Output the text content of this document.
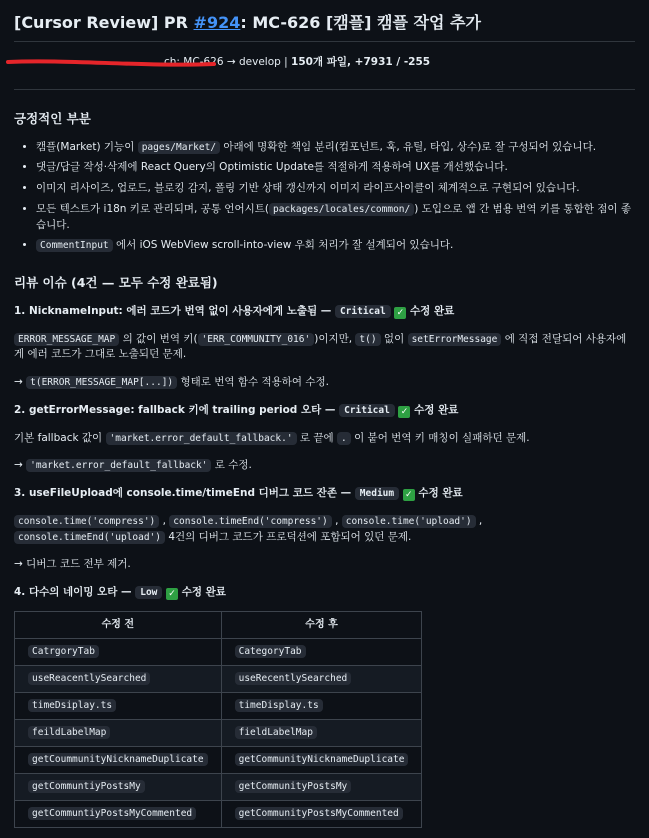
[Cursor Review] PR #924: MC-626 [캠플] 캠플 작업 추가
ch: MC-626 → develop | 150개 파일, +7931 / -255
긍정적인 부분
• 캠플(Market) 기능이 pages/Market/ 아래에 명확한 책임 분리(컴포넌트, 훅, 유틸, 타입, 상수)로 잘 구성되어 있습니다.
• 댓글/답글 작성·삭제에 React Query의 Optimistic Update를 적절하게 적용하여 UX를 개선했습니다.
• 이미지 리사이즈, 업로드, 블로킹 감지, 폴링 기반 상태 갱신까지 이미지 라이프사이클이 체계적으로 구현되어 있습니다.
• 모든 텍스트가 i18n 키로 관리되며, 공통 언어시트( packages/locales/common/ ) 도입으로 앱 간 범용 번역 키를 통합한 점이 좋습니다.
• CommentInput 에서 iOS WebView scroll-into-view 우회 처리가 잘 설계되어 있습니다.
리뷰 이슈 (4건 — 모두 수정 완료됨)
1. NicknameInput: 에러 코드가 번역 없이 사용자에게 노출됨 — Critical ✓ 수정 완료

ERROR_MESSAGE_MAP 의 값이 번역 키( 'ERR_COMMUNITY_016' )이지만, t() 없이 setErrorMessage 에 직접 전달되어 사용자에게 에러 코드가 그대로 노출되던 문제.

→ t(ERROR_MESSAGE_MAP[...]) 형태로 번역 함수 적용하여 수정.

2. getErrorMessage: fallback 키에 trailing period 오타 — Critical ✓ 수정 완료

기본 fallback 값이 'market.error_default_fallback.' 로 끝에 . 이 붙어 번역 키 매칭이 실패하던 문제.

→ 'market.error_default_fallback' 로 수정.

3. useFileUpload에 console.time/timeEnd 디버그 코드 잔존 — Medium ✓ 수정 완료

console.time('compress') , console.timeEnd('compress') , console.time('upload') , console.timeEnd('upload') 4건의 디버그 코드가 프로덕션에 포함되어 있던 문제.

→ 디버그 코드 전부 제거.

4. 다수의 네이밍 오타 — Low ✓ 수정 완료
수정 전	수정 후
CatrgoryTab	CategoryTab
useReacentlySearched	useRecentlySearched
timeDsiplay.ts	timeDisplay.ts
feildLabelMap	fieldLabelMap
getCoummunityNicknameDuplicate	getCommunityNicknameDuplicate
getCommuntiyPostsMy	getCommunityPostsMy
getCommuntiyPostsMyCommented	getCommunityPostsMyCommented
